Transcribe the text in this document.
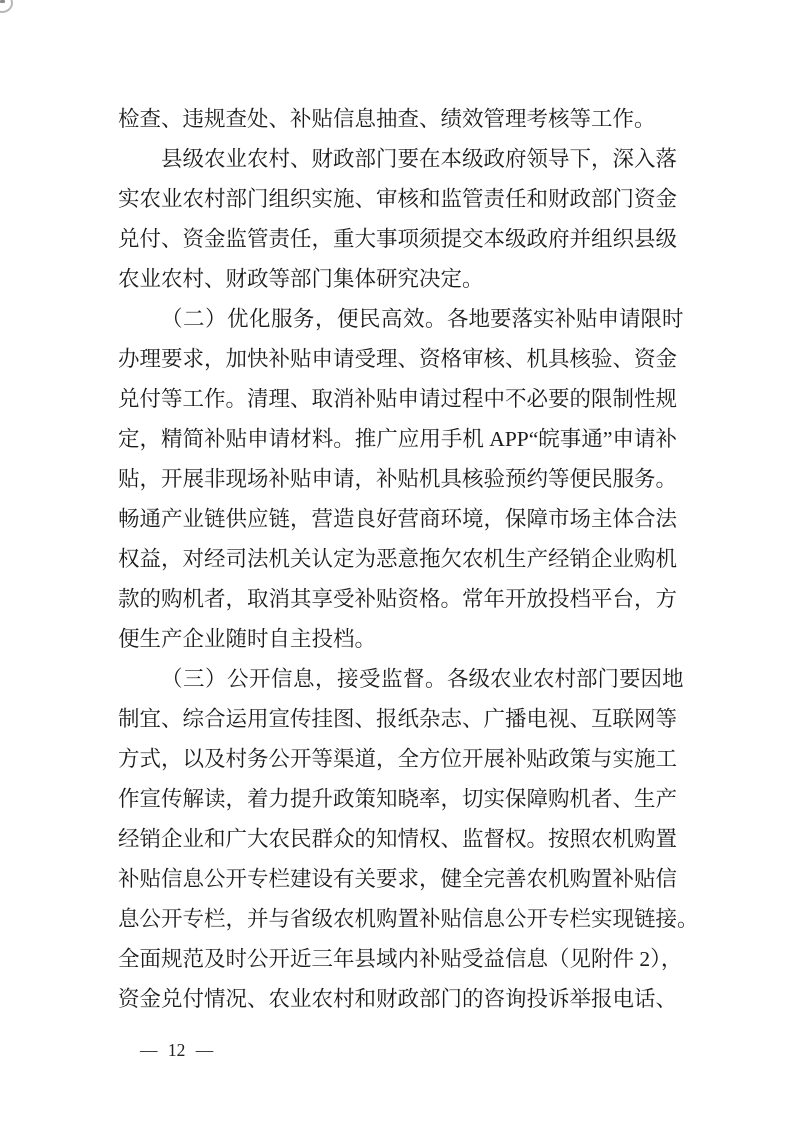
检查、违规查处、补贴信息抽查、绩效管理考核等工作。
县级农业农村、财政部门要在本级政府领导下，深入落
实农业农村部门组织实施、审核和监管责任和财政部门资金
兑付、资金监管责任，重大事项须提交本级政府并组织县级
农业农村、财政等部门集体研究决定。
（二）优化服务，便民高效。各地要落实补贴申请限时
办理要求，加快补贴申请受理、资格审核、机具核验、资金
兑付等工作。清理、取消补贴申请过程中不必要的限制性规
定，精简补贴申请材料。推广应用手机 APP“皖事通”申请补
贴，开展非现场补贴申请，补贴机具核验预约等便民服务。
畅通产业链供应链，营造良好营商环境，保障市场主体合法
权益，对经司法机关认定为恶意拖欠农机生产经销企业购机
款的购机者，取消其享受补贴资格。常年开放投档平台，方
便生产企业随时自主投档。
（三）公开信息，接受监督。各级农业农村部门要因地
制宜、综合运用宣传挂图、报纸杂志、广播电视、互联网等
方式，以及村务公开等渠道，全方位开展补贴政策与实施工
作宣传解读，着力提升政策知晓率，切实保障购机者、生产
经销企业和广大农民群众的知情权、监督权。按照农机购置
补贴信息公开专栏建设有关要求，健全完善农机购置补贴信
息公开专栏，并与省级农机购置补贴信息公开专栏实现链接。
全面规范及时公开近三年县域内补贴受益信息（见附件 2），
资金兑付情况、农业农村和财政部门的咨询投诉举报电话、
— 12 —
